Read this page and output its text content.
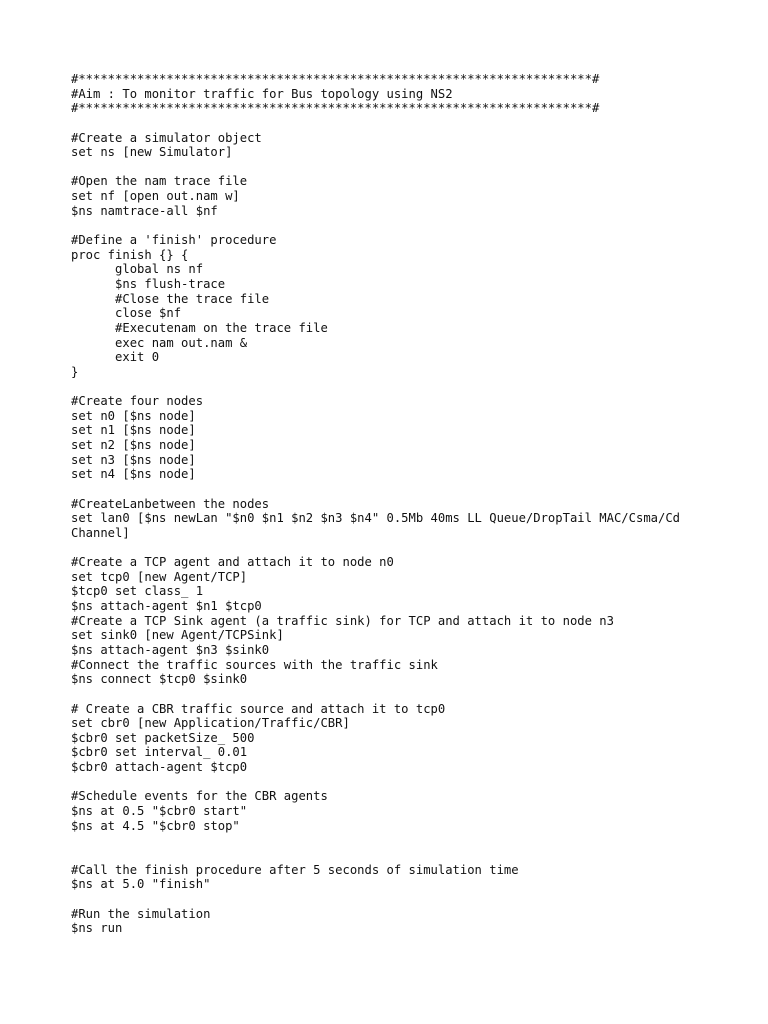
#**********************************************************************#
#Aim : To monitor traffic for Bus topology using NS2
#**********************************************************************#
#Create a simulator object
set ns [new Simulator]
#Open the nam trace file
set nf [open out.nam w]
$ns namtrace-all $nf
#Define a 'finish' procedure
proc finish {} {
global ns nf
$ns flush-trace
#Close the trace file
close $nf
#Executenam on the trace file
exec nam out.nam &
exit 0
}
#Create four nodes
set n0 [$ns node]
set n1 [$ns node]
set n2 [$ns node]
set n3 [$ns node]
set n4 [$ns node]
#CreateLanbetween the nodes
set lan0 [$ns newLan "$n0 $n1 $n2 $n3 $n4" 0.5Mb 40ms LL Queue/DropTail MAC/Csma/Cd
Channel]
#Create a TCP agent and attach it to node n0
set tcp0 [new Agent/TCP]
$tcp0 set class_ 1
$ns attach-agent $n1 $tcp0
#Create a TCP Sink agent (a traffic sink) for TCP and attach it to node n3
set sink0 [new Agent/TCPSink]
$ns attach-agent $n3 $sink0
#Connect the traffic sources with the traffic sink
$ns connect $tcp0 $sink0
# Create a CBR traffic source and attach it to tcp0
set cbr0 [new Application/Traffic/CBR]
$cbr0 set packetSize_ 500
$cbr0 set interval_ 0.01
$cbr0 attach-agent $tcp0
#Schedule events for the CBR agents
$ns at 0.5 "$cbr0 start"
$ns at 4.5 "$cbr0 stop"
#Call the finish procedure after 5 seconds of simulation time
$ns at 5.0 "finish"
#Run the simulation
$ns run
